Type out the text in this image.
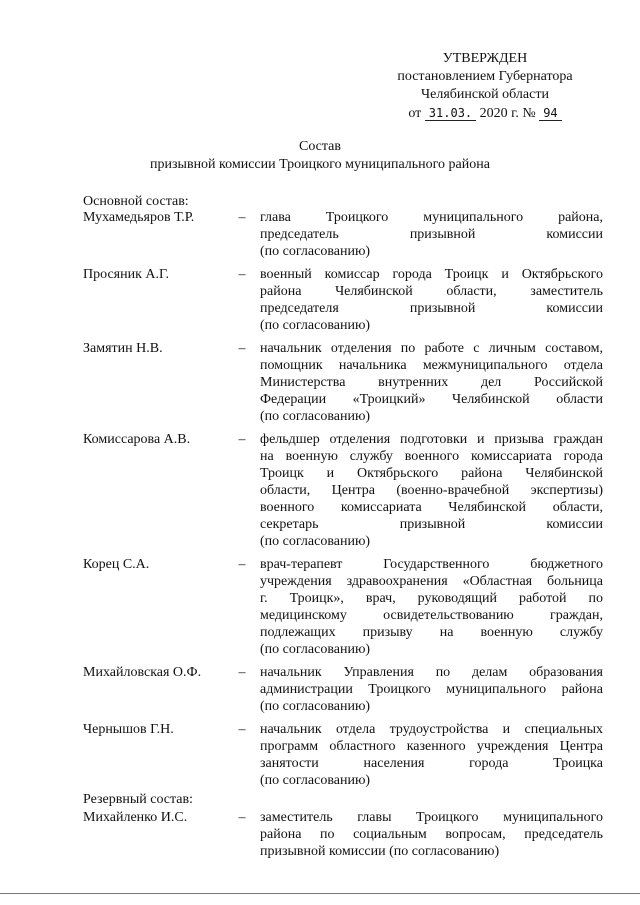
УТВЕРЖДЕН
постановлением Губернатора
Челябинской области
от 31.03. 2020 г. № 94
Состав
призывной комиссии Троицкого муниципального района
Основной состав:
Мухамедьяров Т.Р.	– глава Троицкого муниципального района,
председатель призывной комиссии
(по согласованию)
Просяник А.Г.	– военный комиссар города Троицк и Октябрьского
района Челябинской области, заместитель
председателя призывной комиссии
(по согласованию)
Замятин Н.В.	– начальник отделения по работе с личным составом,
помощник начальника межмуниципального отдела
Министерства внутренних дел Российской
Федерации «Троицкий» Челябинской области
(по согласованию)
Комиссарова А.В.	– фельдшер отделения подготовки и призыва граждан
на военную службу военного комиссариата города
Троицк и Октябрьского района Челябинской
области, Центра (военно-врачебной экспертизы)
военного комиссариата Челябинской области,
секретарь призывной комиссии
(по согласованию)
Корец С.А.	– врач-терапевт Государственного бюджетного
учреждения здравоохранения «Областная больница
г. Троицк», врач, руководящий работой по
медицинскому освидетельствованию граждан,
подлежащих призыву на военную службу
(по согласованию)
Михайловская О.Ф.	– начальник Управления по делам образования
администрации Троицкого муниципального района
(по согласованию)
Чернышов Г.Н.	– начальник отдела трудоустройства и специальных
программ областного казенного учреждения Центра
занятости населения города Троицка
(по согласованию)
Резервный состав:
Михайленко И.С.	– заместитель главы Троицкого муниципального
района по социальным вопросам, председатель
призывной комиссии (по согласованию)
